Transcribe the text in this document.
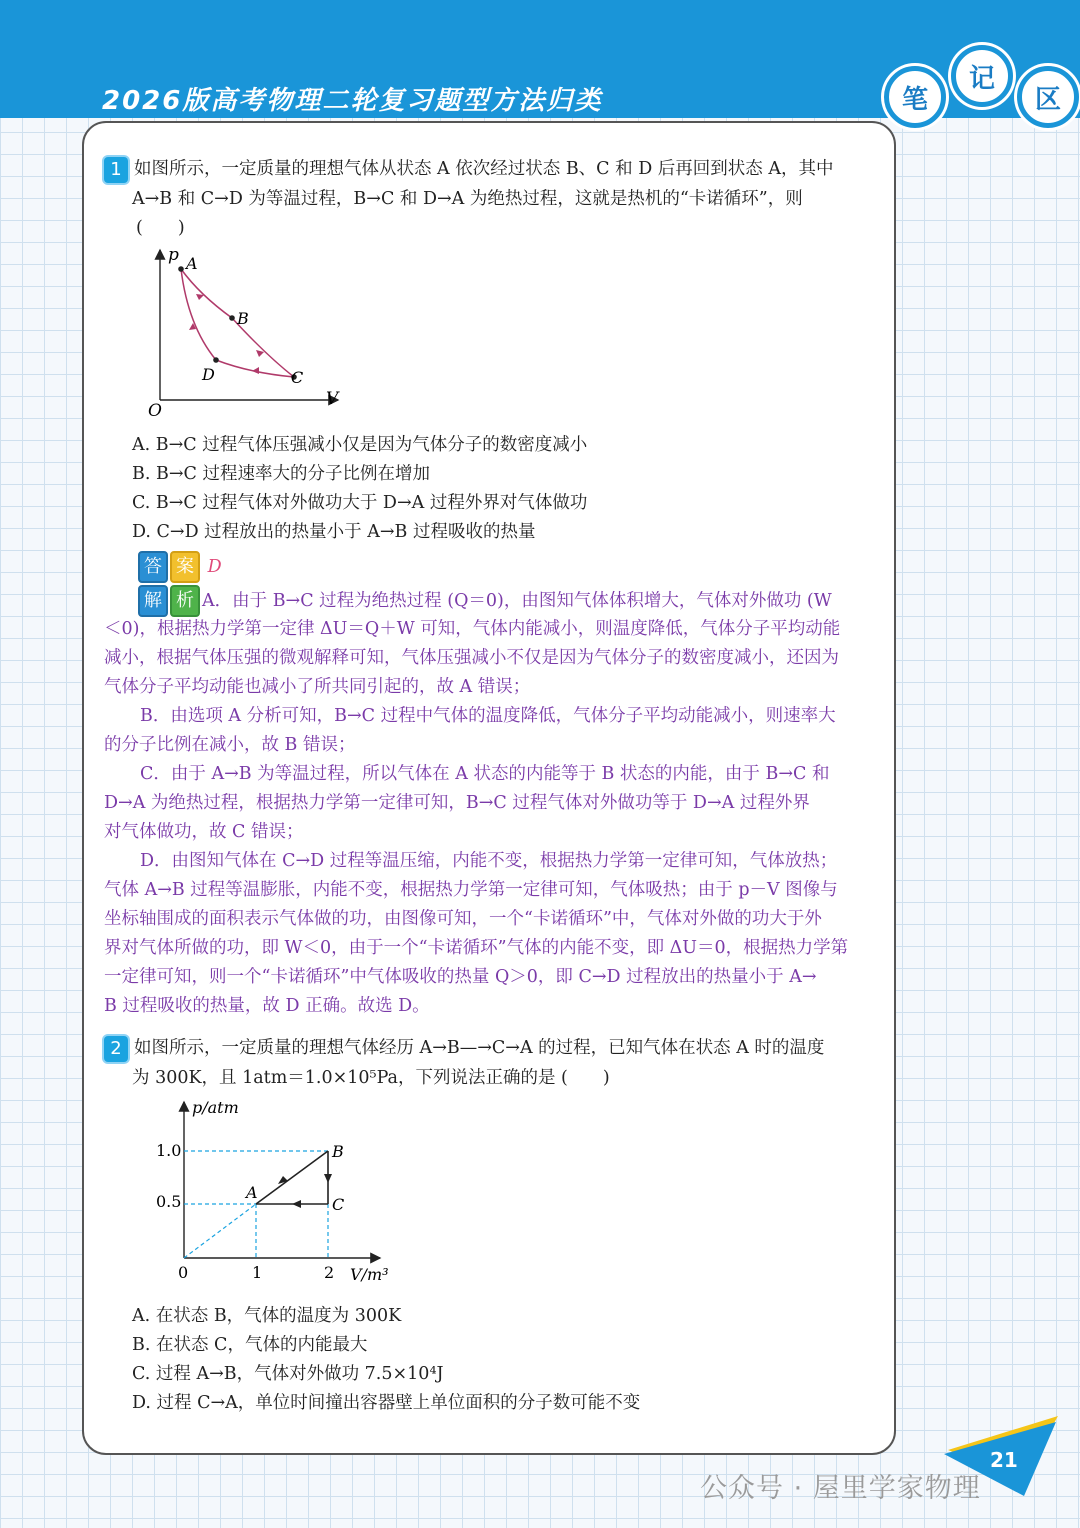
2026版高考物理二轮复习题型方法归类	笔
记
区
1 如图所示，一定质量的理想气体从状态 A 依次经过状态 B、C 和 D 后再回到状态 A，其中
A→B 和 C→D 为等温过程，B→C 和 D→A 为绝热过程，这就是热机的“卡诺循环”，则
(　　)
p
V
O
A
B
C
D
A. B→C 过程气体压强减小仅是因为气体分子的数密度减小
B. B→C 过程速率大的分子比例在增加
C. B→C 过程气体对外做功大于 D→A 过程外界对气体做功
D. C→D 过程放出的热量小于 A→B 过程吸收的热量
答 案 D
解 析 A．由于 B→C 过程为绝热过程 (Q＝0)，由图知气体体积增大，气体对外做功 (W
＜0)，根据热力学第一定律 ΔU＝Q＋W 可知，气体内能减小，则温度降低，气体分子平均动能
减小，根据气体压强的微观解释可知，气体压强减小不仅是因为气体分子的数密度减小，还因为
气体分子平均动能也减小了所共同引起的，故 A 错误；
B．由选项 A 分析可知，B→C 过程中气体的温度降低，气体分子平均动能减小，则速率大
的分子比例在减小，故 B 错误；
C．由于 A→B 为等温过程，所以气体在 A 状态的内能等于 B 状态的内能，由于 B→C 和
D→A 为绝热过程，根据热力学第一定律可知，B→C 过程气体对外做功等于 D→A 过程外界
对气体做功，故 C 错误；
D．由图知气体在 C→D 过程等温压缩，内能不变，根据热力学第一定律可知，气体放热；
气体 A→B 过程等温膨胀，内能不变，根据热力学第一定律可知，气体吸热；由于 p－V 图像与
坐标轴围成的面积表示气体做的功，由图像可知，一个“卡诺循环”中，气体对外做的功大于外
界对气体所做的功，即 W＜0，由于一个“卡诺循环”气体的内能不变，即 ΔU＝0，根据热力学第
一定律可知，则一个“卡诺循环”中气体吸收的热量 Q＞0，即 C→D 过程放出的热量小于 A→
B 过程吸收的热量，故 D 正确。故选 D。
2 如图所示，一定质量的理想气体经历 A→B—→C→A 的过程，已知气体在状态 A 时的温度
为 300K，且 1atm＝1.0×10⁵Pa，下列说法正确的是 (　　)
p/atm
V/m³
1.0
0.5
0	1	2
A
B
C
A. 在状态 B，气体的温度为 300K
B. 在状态 C，气体的内能最大
C. 过程 A→B，气体对外做功 7.5×10⁴J
D. 过程 C→A，单位时间撞出容器壁上单位面积的分子数可能不变
21
公众号 · 屋里学家物理
